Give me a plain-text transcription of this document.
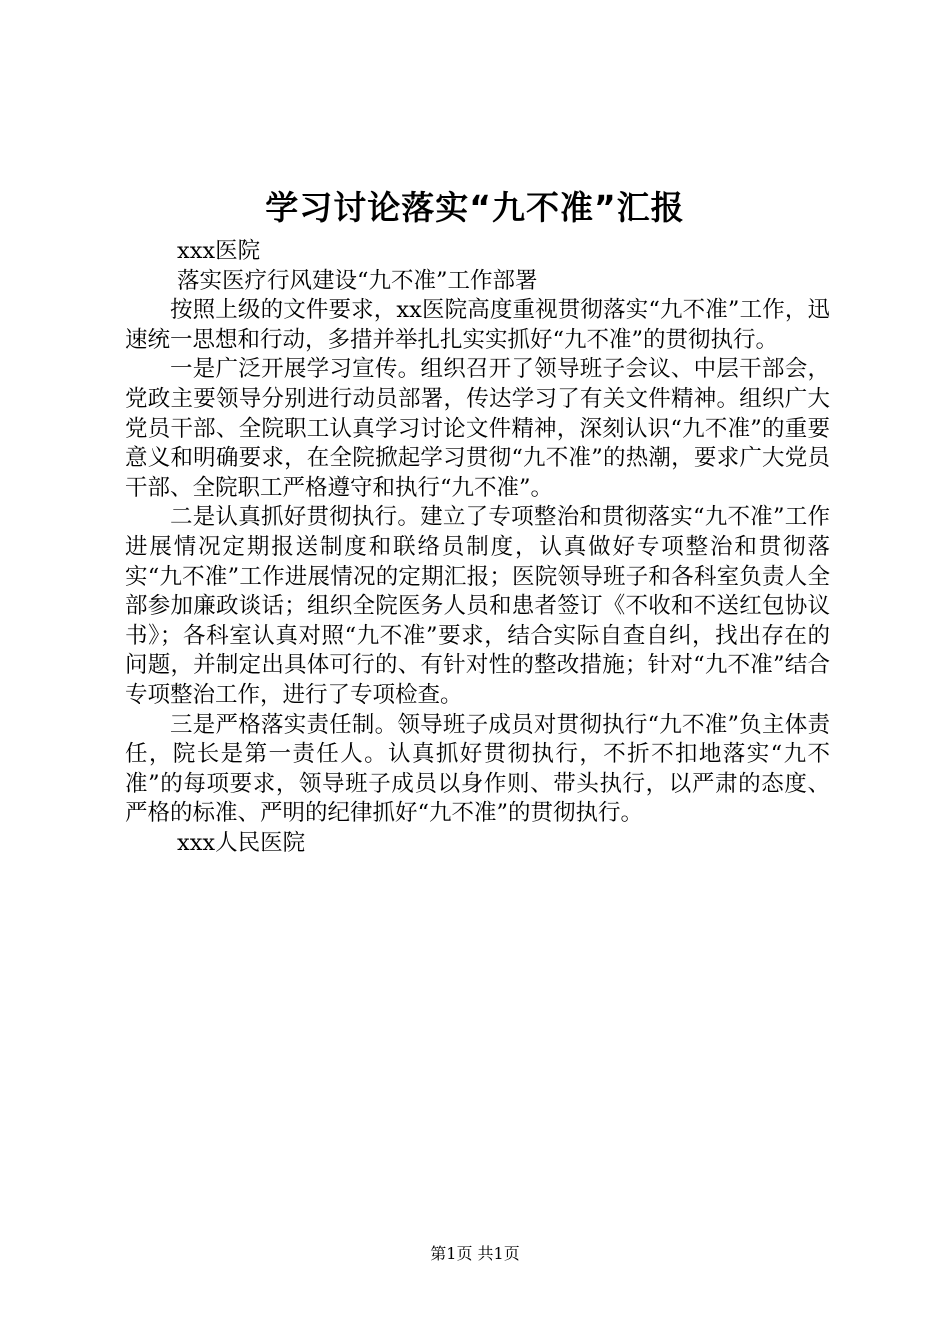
学习讨论落实“九不准”汇报

xxx医院

落实医疗行风建设“九不准”工作部署

按照上级的文件要求，xx医院高度重视贯彻落实“九不准”工作，迅速统一思想和行动，多措并举扎扎实实抓好“九不准”的贯彻执行。

一是广泛开展学习宣传。组织召开了领导班子会议、中层干部会，党政主要领导分别进行动员部署，传达学习了有关文件精神。组织广大党员干部、全院职工认真学习讨论文件精神，深刻认识“九不准”的重要意义和明确要求，在全院掀起学习贯彻“九不准”的热潮，要求广大党员干部、全院职工严格遵守和执行“九不准”。

二是认真抓好贯彻执行。建立了专项整治和贯彻落实“九不准”工作进展情况定期报送制度和联络员制度，认真做好专项整治和贯彻落实“九不准”工作进展情况的定期汇报；医院领导班子和各科室负责人全部参加廉政谈话；组织全院医务人员和患者签订《不收和不送红包协议书》；各科室认真对照“九不准”要求，结合实际自查自纠，找出存在的问题，并制定出具体可行的、有针对性的整改措施；针对“九不准”结合专项整治工作，进行了专项检查。

三是严格落实责任制。领导班子成员对贯彻执行“九不准”负主体责任，院长是第一责任人。认真抓好贯彻执行，不折不扣地落实“九不准”的每项要求，领导班子成员以身作则、带头执行，以严肃的态度、严格的标准、严明的纪律抓好“九不准”的贯彻执行。

xxx人民医院

第1页 共1页
